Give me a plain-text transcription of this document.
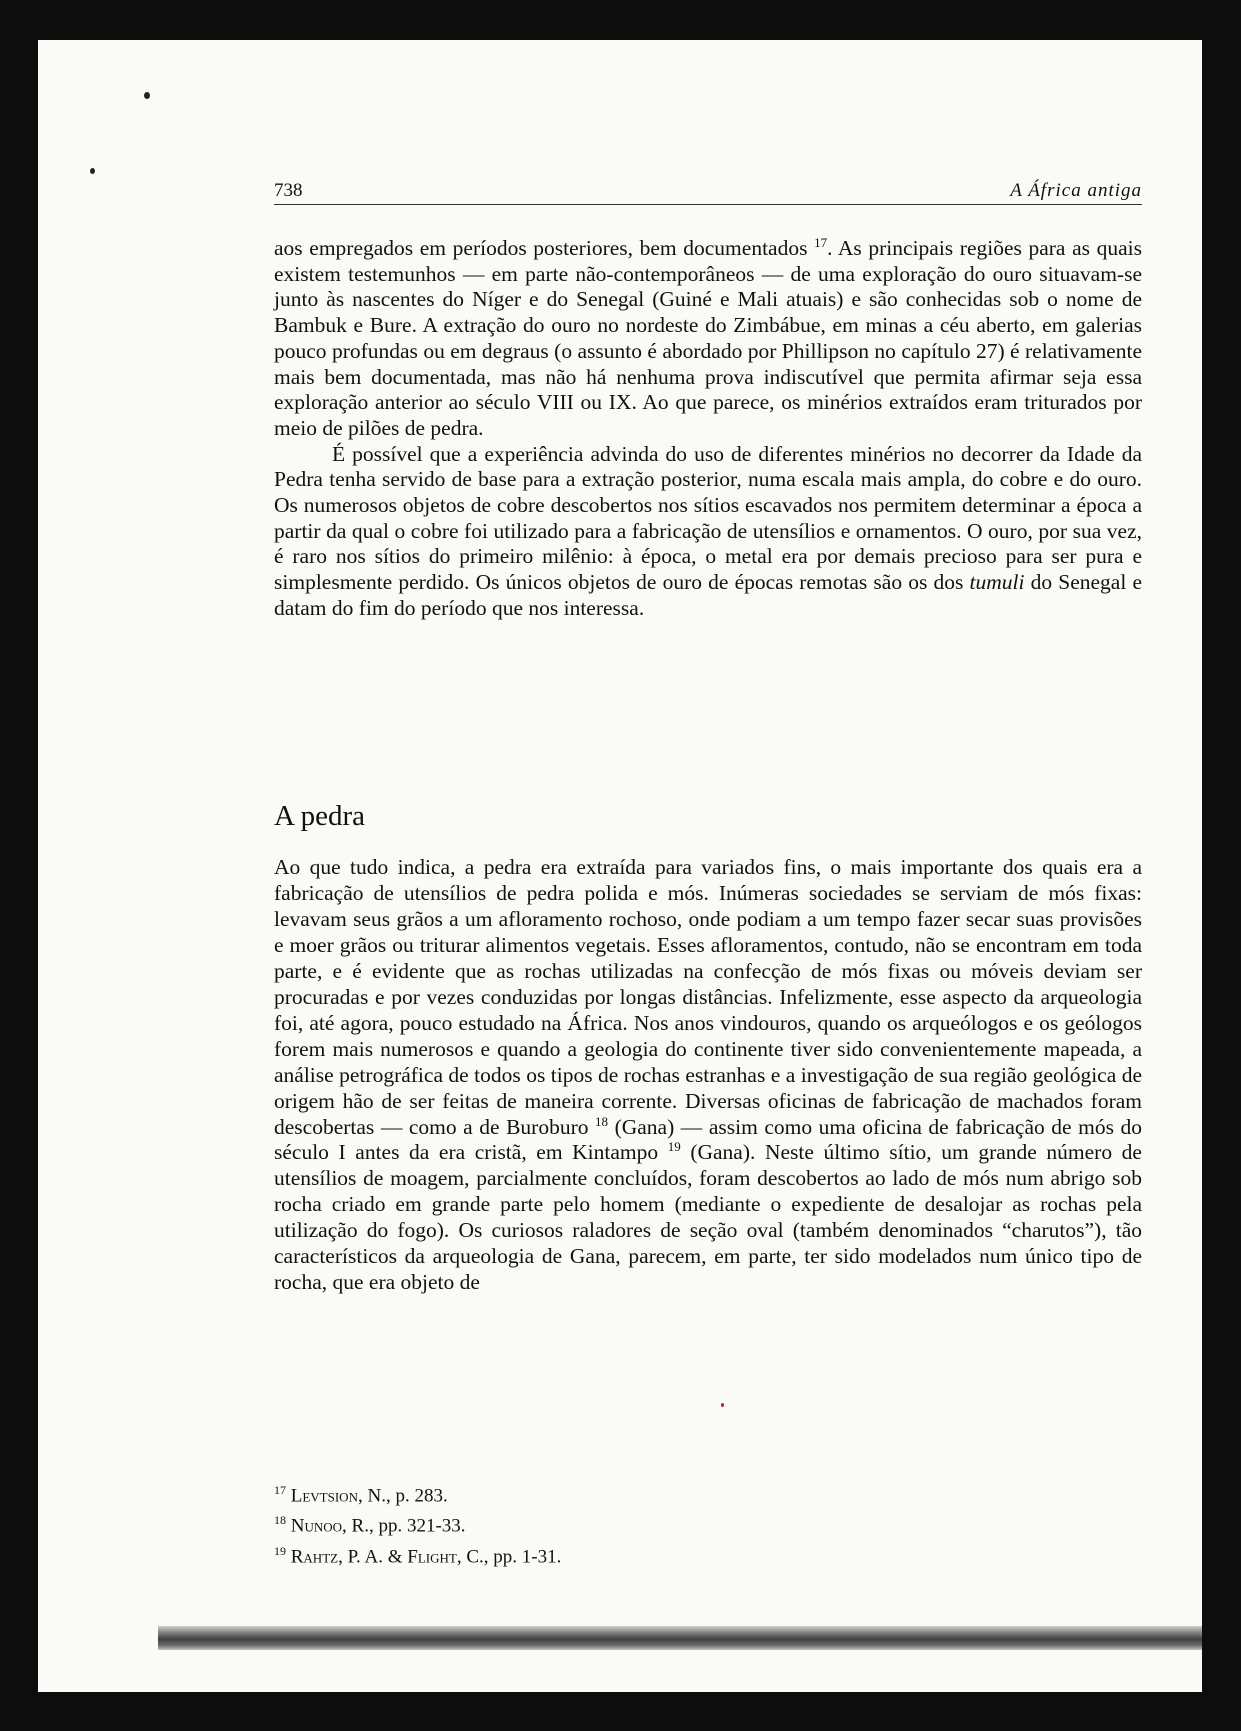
738	A África antiga

aos empregados em períodos posteriores, bem documentados $^{17}$. As principais regiões para as quais existem testemunhos — em parte não-contemporâneos — de uma exploração do ouro situavam-se junto às nascentes do Níger e do Senegal (Guiné e Mali atuais) e são conhecidas sob o nome de Bambuk e Bure. A extração do ouro no nordeste do Zimbábue, em minas a céu aberto, em galerias pouco profundas ou em degraus (o assunto é abordado por Phillipson no capítulo 27) é relativamente mais bem documentada, mas não há nenhuma prova indiscutível que permita afirmar seja essa exploração anterior ao século VIII ou IX. Ao que parece, os minérios extraídos eram triturados por meio de pilões de pedra.

É possível que a experiência advinda do uso de diferentes minérios no decorrer da Idade da Pedra tenha servido de base para a extração posterior, numa escala mais ampla, do cobre e do ouro. Os numerosos objetos de cobre descobertos nos sítios escavados nos permitem determinar a época a partir da qual o cobre foi utilizado para a fabricação de utensílios e ornamentos. O ouro, por sua vez, é raro nos sítios do primeiro milênio: à época, o metal era por demais precioso para ser pura e simplesmente perdido. Os únicos objetos de ouro de épocas remotas são os dos tumuli do Senegal e datam do fim do período que nos interessa.

A pedra

Ao que tudo indica, a pedra era extraída para variados fins, o mais importante dos quais era a fabricação de utensílios de pedra polida e mós. Inúmeras sociedades se serviam de mós fixas: levavam seus grãos a um afloramento rochoso, onde podiam a um tempo fazer secar suas provisões e moer grãos ou triturar alimentos vegetais. Esses afloramentos, contudo, não se encontram em toda parte, e é evidente que as rochas utilizadas na confecção de mós fixas ou móveis deviam ser procuradas e por vezes conduzidas por longas distâncias. Infelizmente, esse aspecto da arqueologia foi, até agora, pouco estudado na África. Nos anos vindouros, quando os arqueólogos e os geólogos forem mais numerosos e quando a geologia do continente tiver sido convenientemente mapeada, a análise petrográfica de todos os tipos de rochas estranhas e a investigação de sua região geológica de origem hão de ser feitas de maneira corrente. Diversas oficinas de fabricação de machados foram descobertas — como a de Buroburo $^{18}$ (Gana) — assim como uma oficina de fabricação de mós do século I antes da era cristã, em Kintampo $^{19}$ (Gana). Neste último sítio, um grande número de utensílios de moagem, parcialmente concluídos, foram descobertos ao lado de mós num abrigo sob rocha criado em grande parte pelo homem (mediante o expediente de desalojar as rochas pela utilização do fogo). Os curiosos raladores de seção oval (também denominados “charutos”), tão característicos da arqueologia de Gana, parecem, em parte, ter sido modelados num único tipo de rocha, que era objeto de

$^{17}$ Levtsion, N., p. 283.
$^{18}$ Nunoo, R., pp. 321-33.
$^{19}$ Rahtz, P. A. & Flight, C., pp. 1-31.
